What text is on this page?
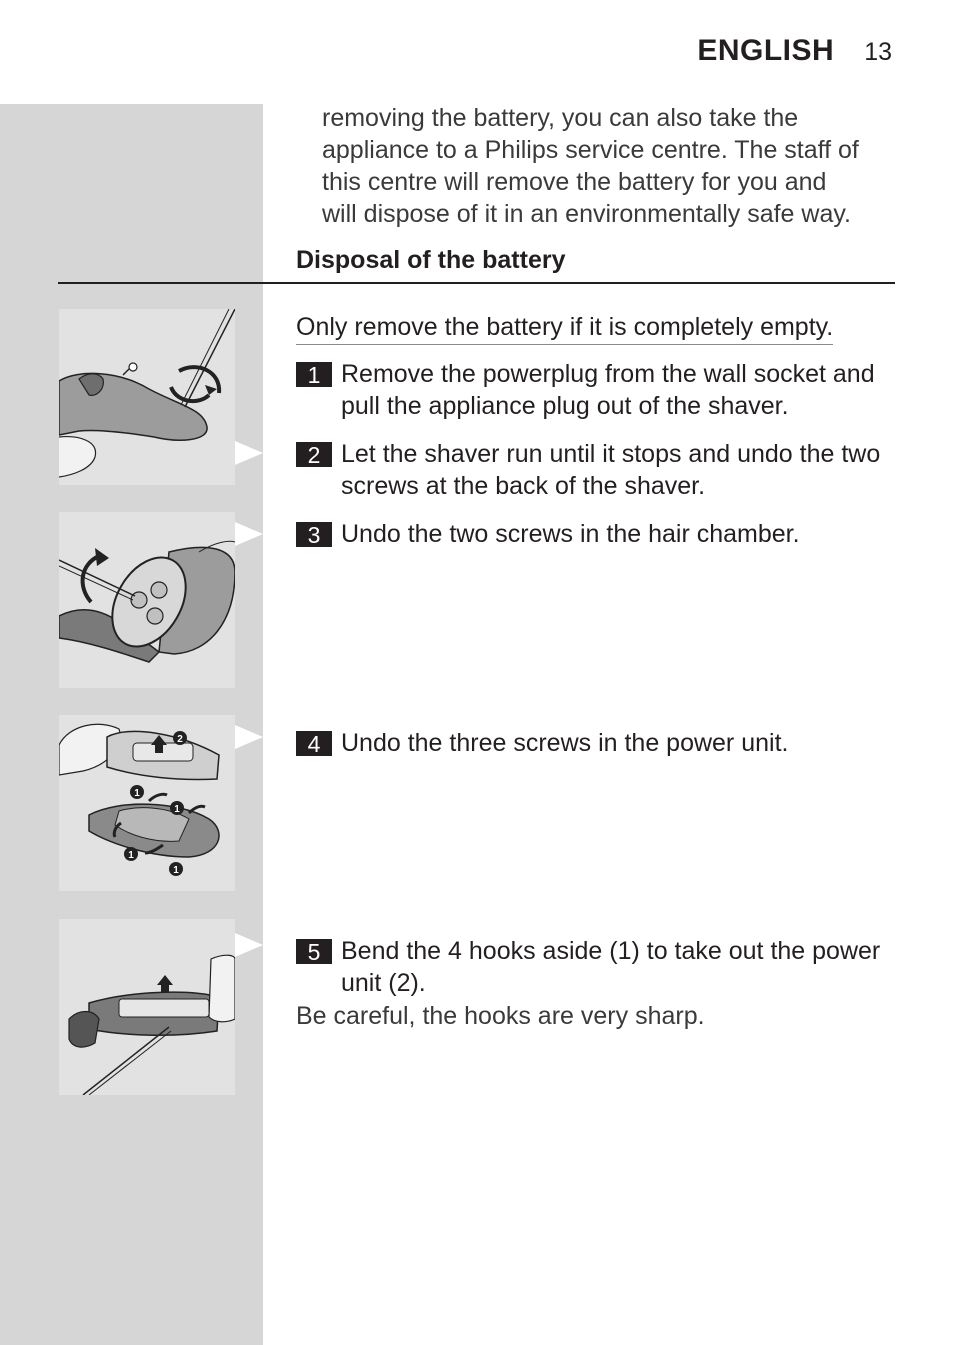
ENGLISH 13

removing the battery, you can also take the

appliance to a Philips service centre. The staff of

this centre will remove the battery for you and

will dispose of it in an environmentally safe way.

Disposal of the battery
Only remove the battery if it is completely empty.
1 Remove the powerplug from the wall socket and pull the appliance plug out of the shaver.
2 Let the shaver run until it stops and undo the two screws at the back of the shaver.
3 Undo the two screws in the hair chamber.
4 Undo the three screws in the power unit.
5 Bend the 4 hooks aside (1) to take out the power unit (2).
Be careful, the hooks are very sharp.
2
1
1
1
1
